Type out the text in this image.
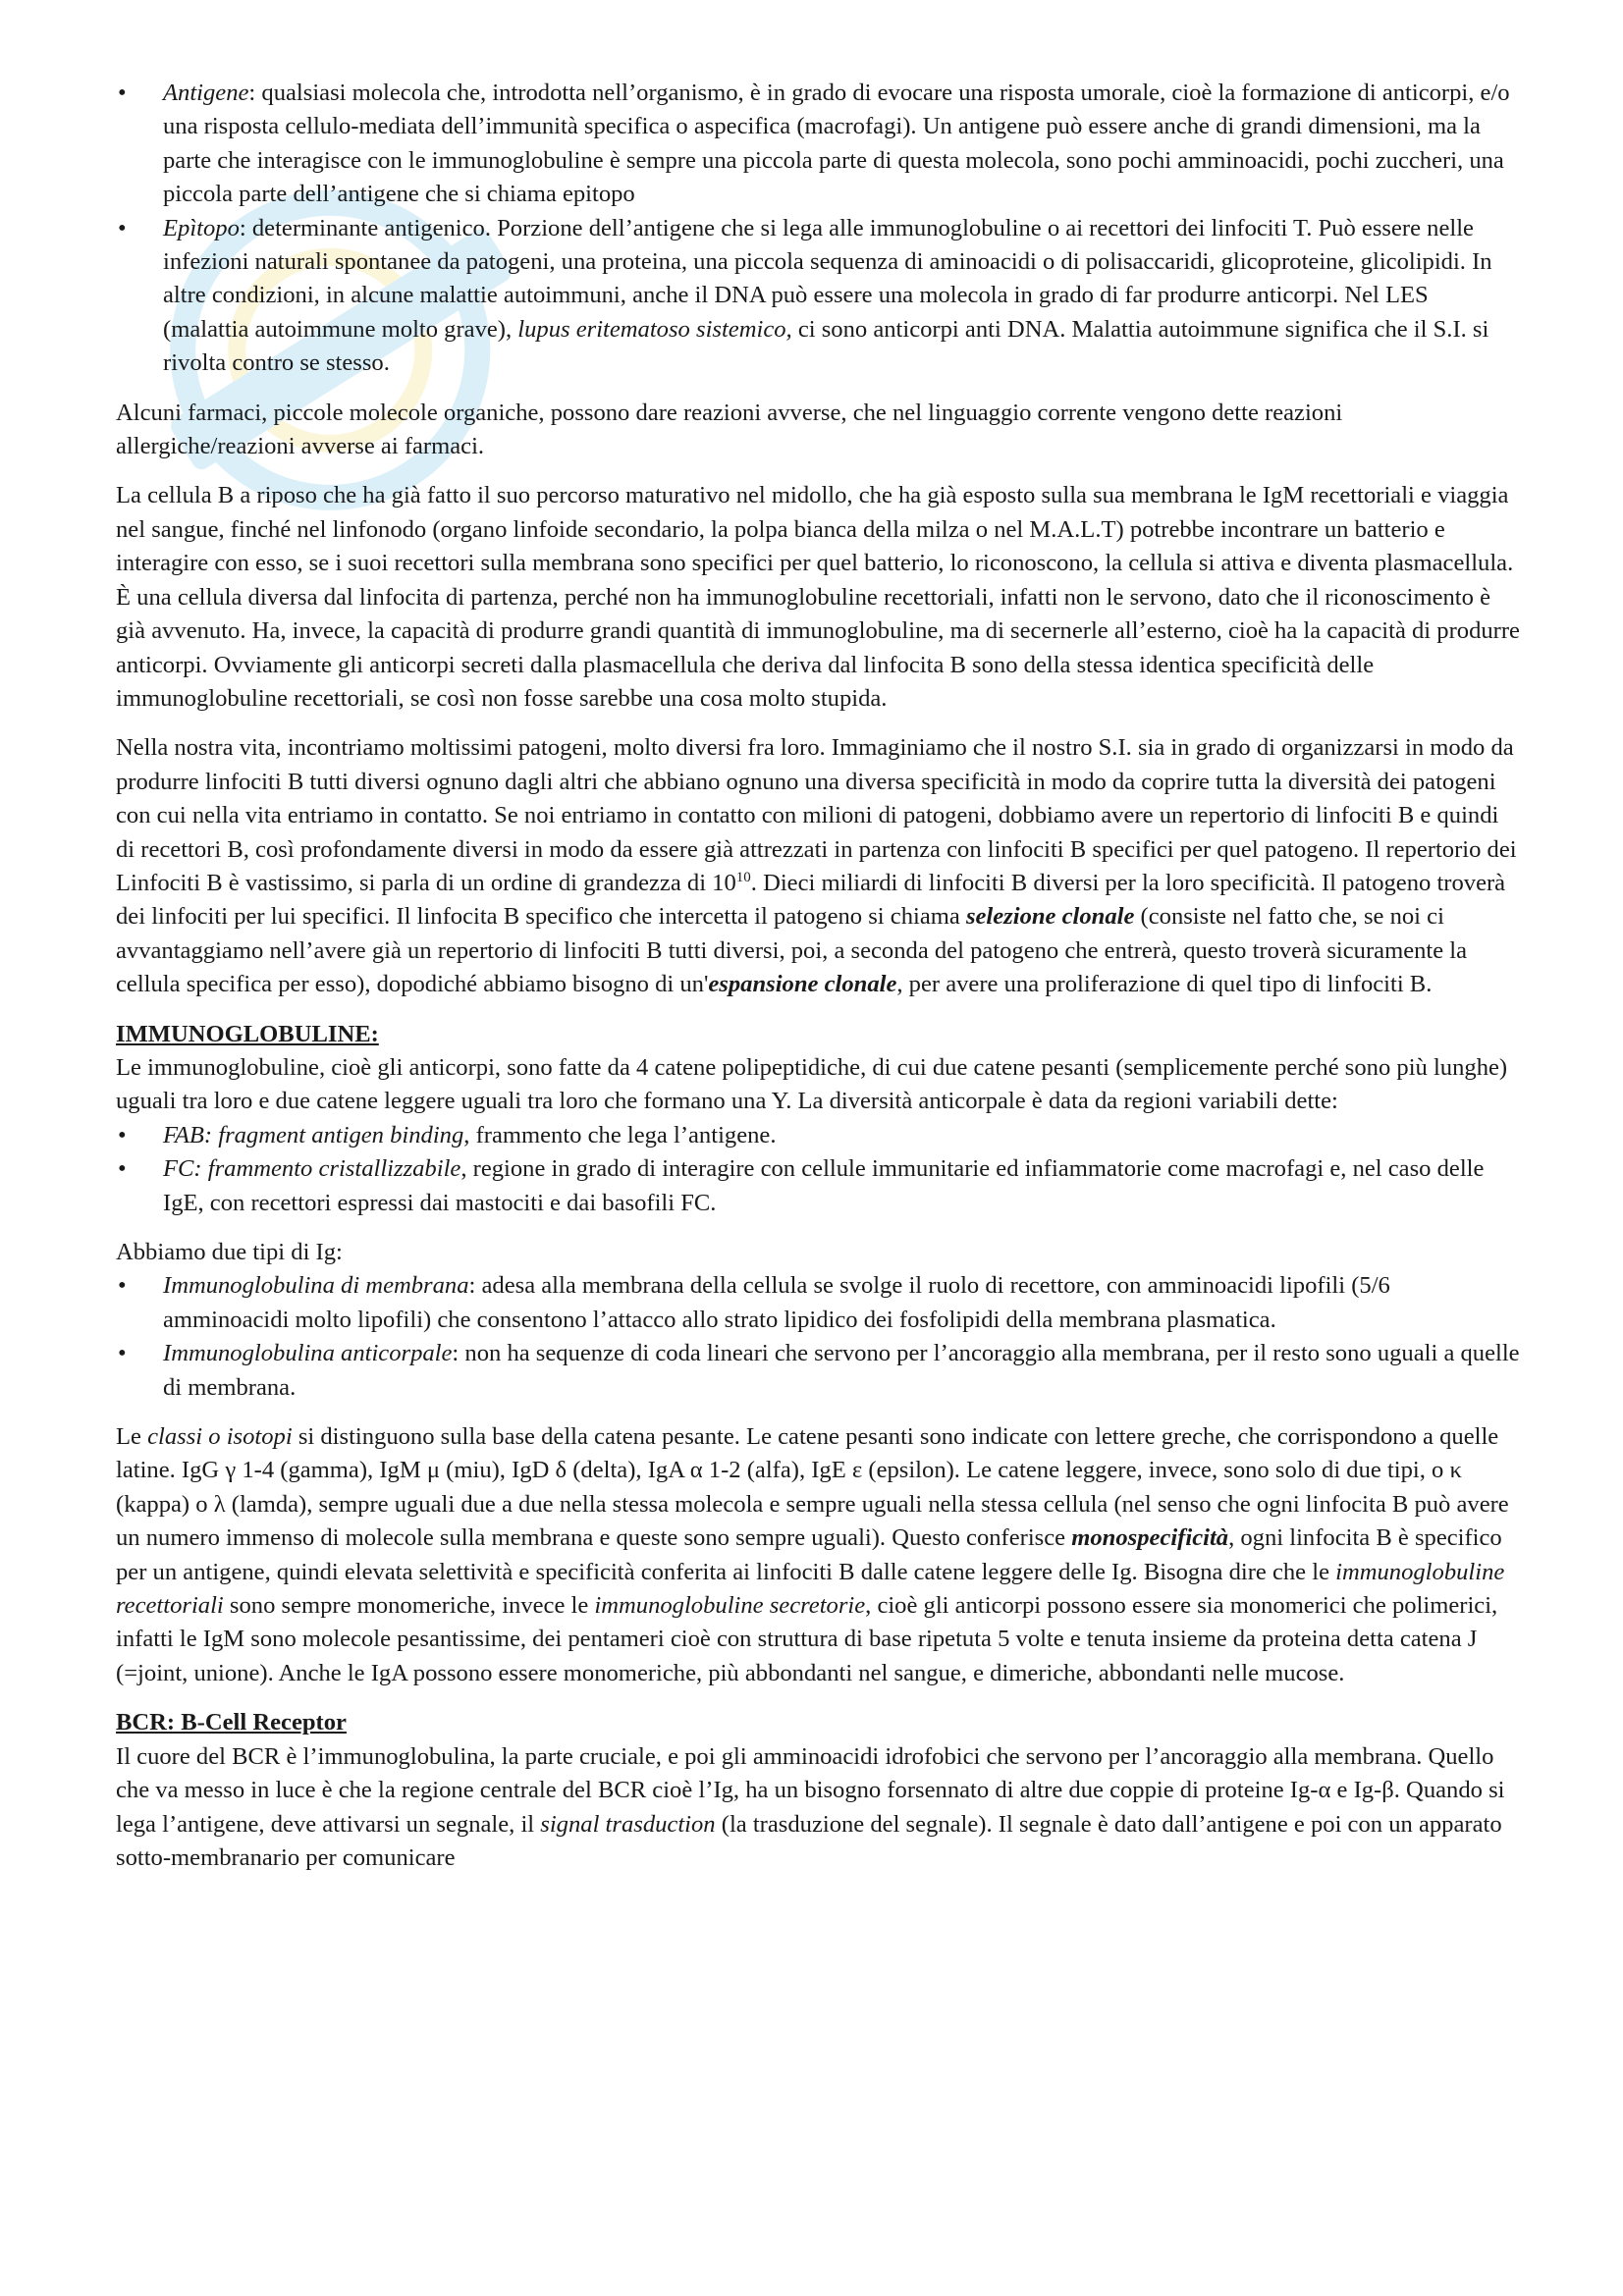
• Antigene: qualsiasi molecola che, introdotta nell’organismo, è in grado di evocare una risposta umorale, cioè la formazione di anticorpi, e/o una risposta cellulo-mediata dell’immunità specifica o aspecifica (macrofagi). Un antigene può essere anche di grandi dimensioni, ma la parte che interagisce con le immunoglobuline è sempre una piccola parte di questa molecola, sono pochi amminoacidi, pochi zuccheri, una piccola parte dell’antigene che si chiama epitopo
• Epìtopo: determinante antigenico. Porzione dell’antigene che si lega alle immunoglobuline o ai recettori dei linfociti T. Può essere nelle infezioni naturali spontanee da patogeni, una proteina, una piccola sequenza di aminoacidi o di polisaccaridi, glicoproteine, glicolipidi. In altre condizioni, in alcune malattie autoimmuni, anche il DNA può essere una molecola in grado di far produrre anticorpi. Nel LES (malattia autoimmune molto grave), lupus eritematoso sistemico, ci sono anticorpi anti DNA. Malattia autoimmune significa che il S.I. si rivolta contro se stesso.

Alcuni farmaci, piccole molecole organiche, possono dare reazioni avverse, che nel linguaggio corrente vengono dette reazioni allergiche/reazioni avverse ai farmaci.

La cellula B a riposo che ha già fatto il suo percorso maturativo nel midollo, che ha già esposto sulla sua membrana le IgM recettoriali e viaggia nel sangue, finché nel linfonodo (organo linfoide secondario, la polpa bianca della milza o nel M.A.L.T) potrebbe incontrare un batterio e interagire con esso, se i suoi recettori sulla membrana sono specifici per quel batterio, lo riconoscono, la cellula si attiva e diventa plasmacellula. È una cellula diversa dal linfocita di partenza, perché non ha immunoglobuline recettoriali, infatti non le servono, dato che il riconoscimento è già avvenuto. Ha, invece, la capacità di produrre grandi quantità di immunoglobuline, ma di secernerle all’esterno, cioè ha la capacità di produrre anticorpi. Ovviamente gli anticorpi secreti dalla plasmacellula che deriva dal linfocita B sono della stessa identica specificità delle immunoglobuline recettoriali, se così non fosse sarebbe una cosa molto stupida.

Nella nostra vita, incontriamo moltissimi patogeni, molto diversi fra loro. Immaginiamo che il nostro S.I. sia in grado di organizzarsi in modo da produrre linfociti B tutti diversi ognuno dagli altri che abbiano ognuno una diversa specificità in modo da coprire tutta la diversità dei patogeni con cui nella vita entriamo in contatto. Se noi entriamo in contatto con milioni di patogeni, dobbiamo avere un repertorio di linfociti B e quindi di recettori B, così profondamente diversi in modo da essere già attrezzati in partenza con linfociti B specifici per quel patogeno. Il repertorio dei Linfociti B è vastissimo, si parla di un ordine di grandezza di $10^{10}$. Dieci miliardi di linfociti B diversi per la loro specificità. Il patogeno troverà dei linfociti per lui specifici. Il linfocita B specifico che intercetta il patogeno si chiama selezione clonale (consiste nel fatto che, se noi ci avvantaggiamo nell’avere già un repertorio di linfociti B tutti diversi, poi, a seconda del patogeno che entrerà, questo troverà sicuramente la cellula specifica per esso), dopodiché abbiamo bisogno di un'espansione clonale, per avere una proliferazione di quel tipo di linfociti B.

IMMUNOGLOBULINE:

Le immunoglobuline, cioè gli anticorpi, sono fatte da 4 catene polipeptidiche, di cui due catene pesanti (semplicemente perché sono più lunghe) uguali tra loro e due catene leggere uguali tra loro che formano una Y. La diversità anticorpale è data da regioni variabili dette:

• FAB: fragment antigen binding, frammento che lega l’antigene.
• FC: frammento cristallizzabile, regione in grado di interagire con cellule immunitarie ed infiammatorie come macrofagi e, nel caso delle IgE, con recettori espressi dai mastociti e dai basofili FC.

Abbiamo due tipi di Ig:

• Immunoglobulina di membrana: adesa alla membrana della cellula se svolge il ruolo di recettore, con amminoacidi lipofili (5/6 amminoacidi molto lipofili) che consentono l’attacco allo strato lipidico dei fosfolipidi della membrana plasmatica.
• Immunoglobulina anticorpale: non ha sequenze di coda lineari che servono per l’ancoraggio alla membrana, per il resto sono uguali a quelle di membrana.

Le classi o isotopi si distinguono sulla base della catena pesante. Le catene pesanti sono indicate con lettere greche, che corrispondono a quelle latine. IgG γ 1-4 (gamma), IgM μ (miu), IgD δ (delta), IgA α 1-2 (alfa), IgE ε (epsilon). Le catene leggere, invece, sono solo di due tipi, o κ (kappa) o λ (lamda), sempre uguali due a due nella stessa molecola e sempre uguali nella stessa cellula (nel senso che ogni linfocita B può avere un numero immenso di molecole sulla membrana e queste sono sempre uguali). Questo conferisce monospecificità, ogni linfocita B è specifico per un antigene, quindi elevata selettività e specificità conferita ai linfociti B dalle catene leggere delle Ig. Bisogna dire che le immunoglobuline recettoriali sono sempre monomeriche, invece le immunoglobuline secretorie, cioè gli anticorpi possono essere sia monomerici che polimerici, infatti le IgM sono molecole pesantissime, dei pentameri cioè con struttura di base ripetuta 5 volte e tenuta insieme da proteina detta catena J (=joint, unione). Anche le IgA possono essere monomeriche, più abbondanti nel sangue, e dimeriche, abbondanti nelle mucose.

BCR: B-Cell Receptor

Il cuore del BCR è l’immunoglobulina, la parte cruciale, e poi gli amminoacidi idrofobici che servono per l’ancoraggio alla membrana. Quello che va messo in luce è che la regione centrale del BCR cioè l’Ig, ha un bisogno forsennato di altre due coppie di proteine Ig-α e Ig-β. Quando si lega l’antigene, deve attivarsi un segnale, il signal trasduction (la trasduzione del segnale). Il segnale è dato dall’antigene e poi con un apparato sotto-membranario per comunicare
